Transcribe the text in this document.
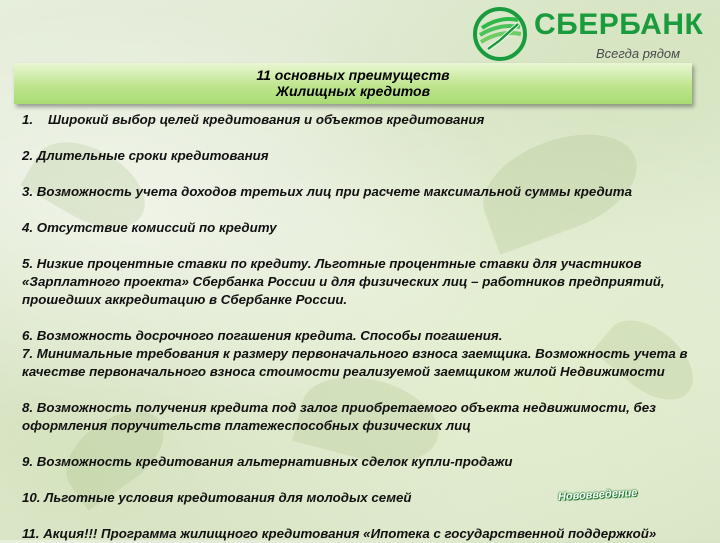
СБЕРБАНК
Всегда рядом
11 основных преимуществ
Жилищных кредитов

1. Широкий выбор целей кредитования и объектов кредитования

2. Длительные сроки кредитования

3. Возможность учета доходов третьих лиц при расчете максимальной суммы кредита

4. Отсутствие комиссий по кредиту

5. Низкие процентные ставки по кредиту. Льготные процентные ставки для участников «Зарплатного проекта» Сбербанка России и для физических лиц – работников предприятий, прошедших аккредитацию в Сбербанке России.

6. Возможность досрочного погашения кредита. Способы погашения.

7. Минимальные требования к размеру первоначального взноса заемщика. Возможность учета в качестве первоначального взноса стоимости реализуемой заемщиком жилой Недвижимости

8. Возможность получения кредита под залог приобретаемого объекта недвижимости, без оформления поручительств платежеспособных физических лиц

9. Возможность кредитования альтернативных сделок купли-продажи

10. Льготные условия кредитования для молодых семей

11. Акция!!! Программа жилищного кредитования «Ипотека с государственной поддержкой»

Нововведение
